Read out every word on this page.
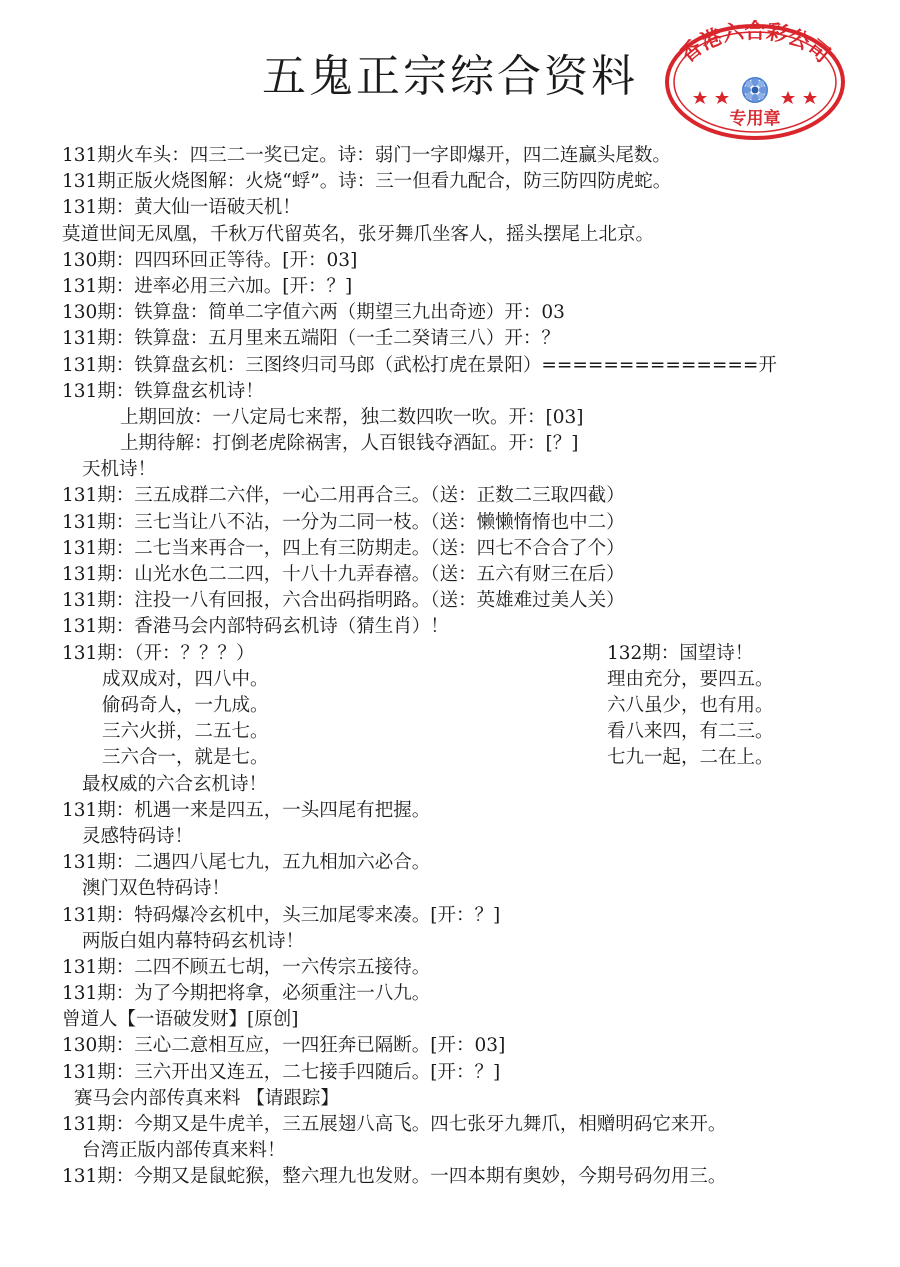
五鬼正宗综合资料	香港六合彩公司
专用章
131期火车头：四三二一奖已定。诗：弱门一字即爆开，四二连赢头尾数。
131期正版火烧图解：火烧“蜉”。诗：三一但看九配合，防三防四防虎蛇。
131期：黄大仙一语破天机！
莫道世间无凤凰，千秋万代留英名，张牙舞爪坐客人，摇头摆尾上北京。
130期：四四环回正等待。[开：03]
131期：进率必用三六加。[开：？]
130期：铁算盘：简单二字值六两（期望三九出奇迹）开：03
131期：铁算盘：五月里来五端阳（一壬二癸请三八）开：？
131期：铁算盘玄机：三图终归司马郎（武松打虎在景阳）==============开
131期：铁算盘玄机诗！
上期回放：一八定局七来帮，独二数四吹一吹。开：[03]
上期待解：打倒老虎除祸害，人百银钱夺酒缸。开：[？]
天机诗！
131期：三五成群二六伴，一心二用再合三。（送：正数二三取四截）
131期：三七当让八不沾，一分为二同一枝。（送：懒懒惰惰也中二）
131期：二七当来再合一，四上有三防期走。（送：四七不合合了个）
131期：山光水色二二四，十八十九弄春禧。（送：五六有财三在后）
131期：注投一八有回报，六合出码指明路。（送：英雄难过美人关）
131期：香港马会内部特码玄机诗（猜生肖）！
131期：（开：？？？）
成双成对，四八中。
偷码奇人，一九成。
三六火拼，二五七。
三六合一，就是七。
132期：国望诗！
理由充分，要四五。
六八虽少，也有用。
看八来四，有二三。
七九一起，二在上。
最权威的六合玄机诗！
131期：机遇一来是四五，一头四尾有把握。
灵感特码诗！
131期：二遇四八尾七九，五九相加六必合。
澳门双色特码诗！
131期：特码爆冷玄机中，头三加尾零来凑。[开：？]
两版白姐内幕特码玄机诗！
131期：二四不顾五七胡，一六传宗五接待。
131期：为了今期把将拿，必须重注一八九。
曾道人【一语破发财】[原创]
130期：三心二意相互应，一四狂奔已隔断。[开：03]
131期：三六开出又连五，二七接手四随后。[开：？]
赛马会内部传真来料 【请跟踪】
131期：今期又是牛虎羊，三五展翅八高飞。四七张牙九舞爪，相赠明码它来开。
台湾正版内部传真来料！
131期：今期又是鼠蛇猴，整六理九也发财。一四本期有奥妙，今期号码勿用三。
